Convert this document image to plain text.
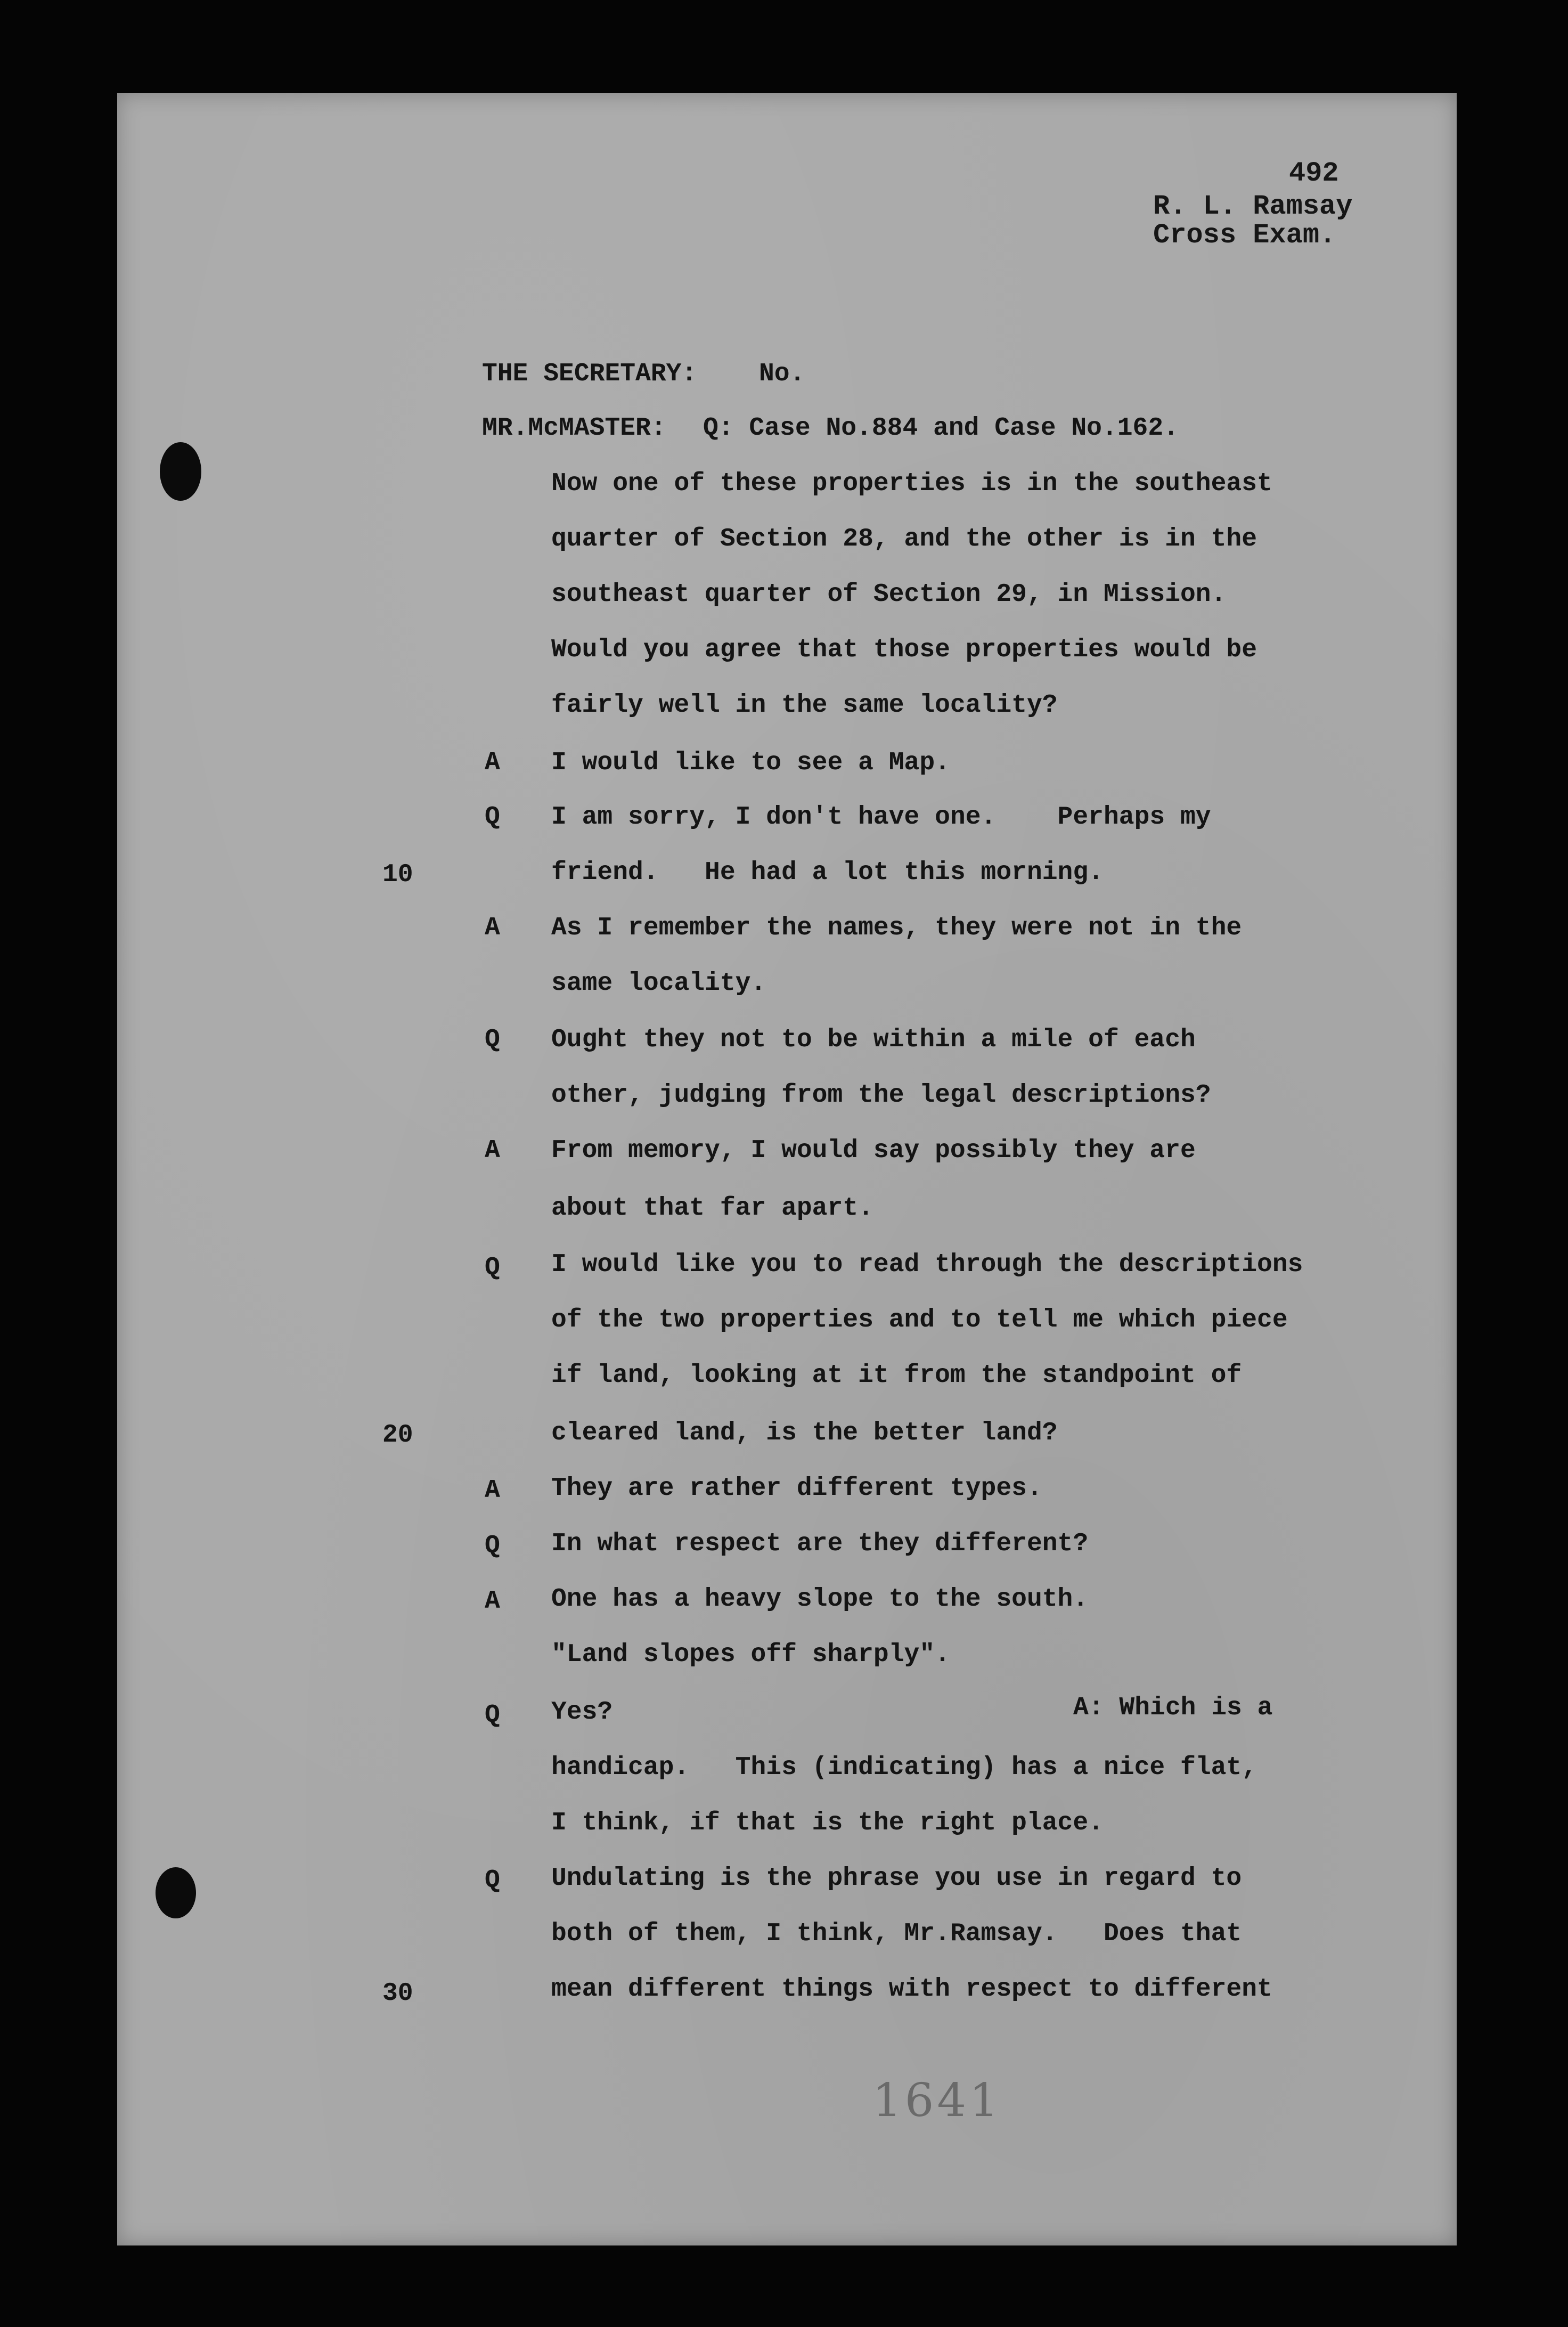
492
R. L. Ramsay
Cross Exam.
THE SECRETARY: No.
MR.McMASTER: Q: Case No.884 and Case No.162.
Now one of these properties is in the southeast
quarter of Section 28, and the other is in the
southeast quarter of Section 29, in Mission.
Would you agree that those properties would be
fairly well in the same locality?
A I would like to see a Map.
Q I am sorry, I don't have one.    Perhaps my
10	friend.   He had a lot this morning.
A As I remember the names, they were not in the
same locality.
Q Ought they not to be within a mile of each
other, judging from the legal descriptions?
A From memory, I would say possibly they are
about that far apart.
Q I would like you to read through the descriptions
of the two properties and to tell me which piece
if land, looking at it from the standpoint of
20	cleared land, is the better land?
A They are rather different types.
Q In what respect are they different?
A One has a heavy slope to the south.
"Land slopes off sharply".
Q Yes?	A: Which is a
handicap.   This (indicating) has a nice flat,
I think, if that is the right place.
Q Undulating is the phrase you use in regard to
both of them, I think, Mr.Ramsay.   Does that
30	mean different things with respect to different
1641
